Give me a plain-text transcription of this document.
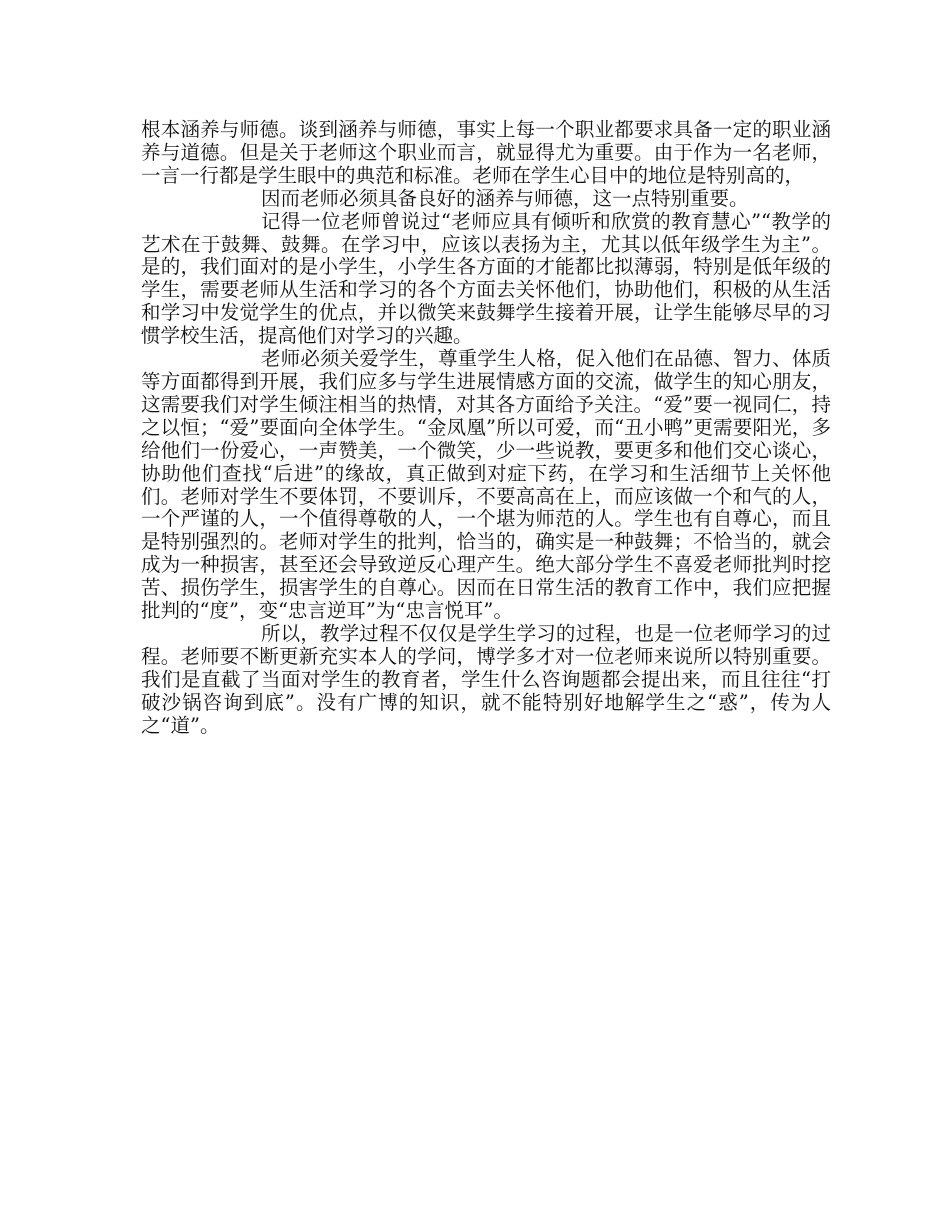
根本涵养与师德。谈到涵养与师德，事实上每一个职业都要求具备一定的职业涵养与道德。但是关于老师这个职业而言，就显得尤为重要。由于作为一名老师，一言一行都是学生眼中的典范和标准。老师在学生心目中的地位是特别高的，

因而老师必须具备良好的涵养与师德，这一点特别重要。

记得一位老师曾说过“老师应具有倾听和欣赏的教育慧心”“教学的艺术在于鼓舞、鼓舞。在学习中，应该以表扬为主，尤其以低年级学生为主”。是的，我们面对的是小学生，小学生各方面的才能都比拟薄弱，特别是低年级的学生，需要老师从生活和学习的各个方面去关怀他们，协助他们，积极的从生活和学习中发觉学生的优点，并以微笑来鼓舞学生接着开展，让学生能够尽早的习惯学校生活，提高他们对学习的兴趣。

老师必须关爱学生，尊重学生人格，促入他们在品德、智力、体质等方面都得到开展，我们应多与学生进展情感方面的交流，做学生的知心朋友，这需要我们对学生倾注相当的热情，对其各方面给予关注。“爱”要一视同仁，持之以恒；“爱”要面向全体学生。“金凤凰”所以可爱，而“丑小鸭”更需要阳光，多给他们一份爱心，一声赞美，一个微笑，少一些说教，要更多和他们交心谈心，协助他们查找“后进”的缘故，真正做到对症下药，在学习和生活细节上关怀他们。老师对学生不要体罚，不要训斥，不要高高在上，而应该做一个和气的人，一个严谨的人，一个值得尊敬的人，一个堪为师范的人。学生也有自尊心，而且是特别强烈的。老师对学生的批判，恰当的，确实是一种鼓舞；不恰当的，就会成为一种损害，甚至还会导致逆反心理产生。绝大部分学生不喜爱老师批判时挖苦、损伤学生，损害学生的自尊心。因而在日常生活的教育工作中，我们应把握批判的“度”，变“忠言逆耳”为“忠言悦耳”。

所以，教学过程不仅仅是学生学习的过程，也是一位老师学习的过程。老师要不断更新充实本人的学问，博学多才对一位老师来说所以特别重要。我们是直截了当面对学生的教育者，学生什么咨询题都会提出来，而且往往“打破沙锅咨询到底”。没有广博的知识，就不能特别好地解学生之“惑”，传为人之“道”。
